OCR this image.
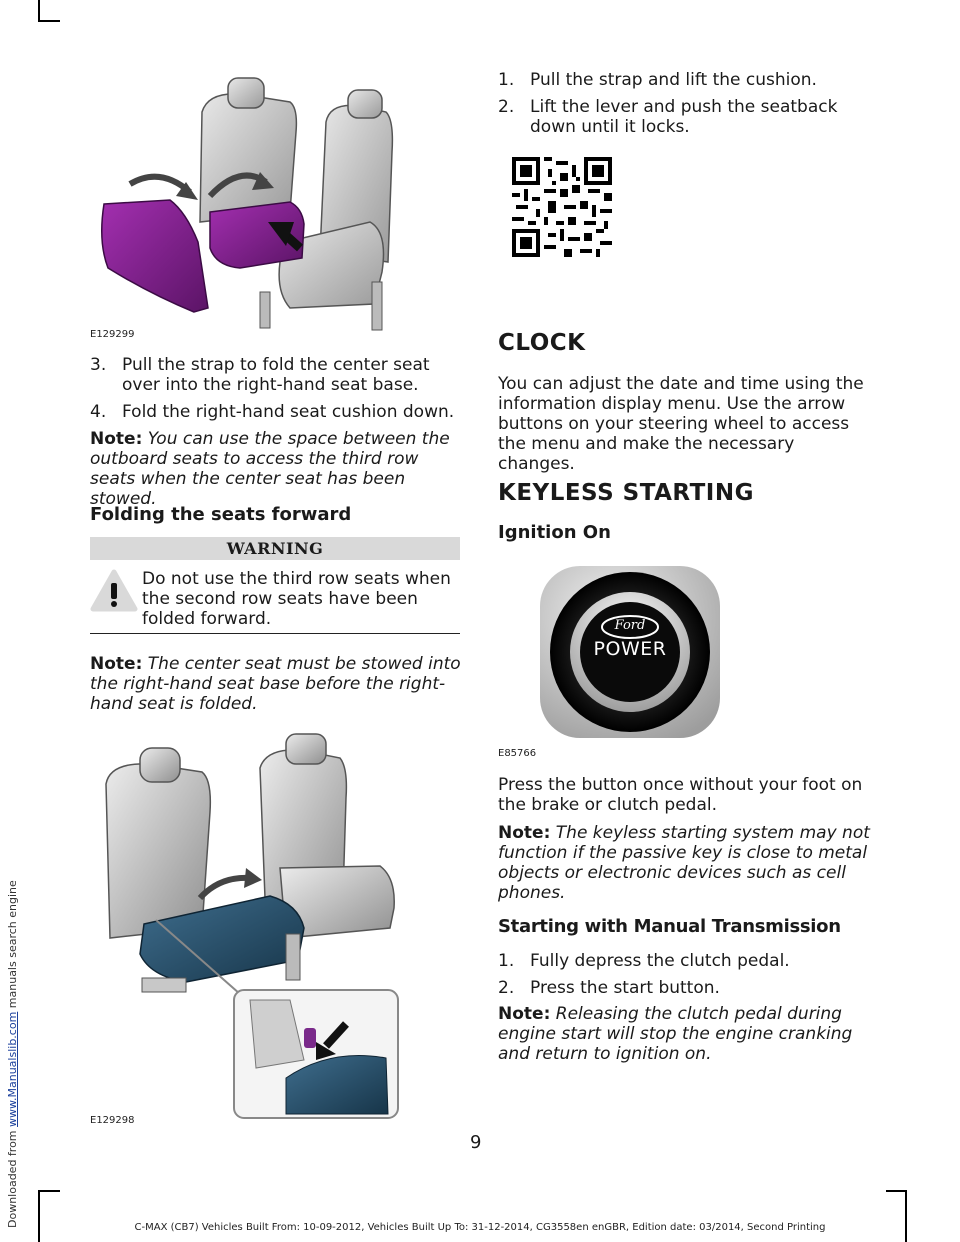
Downloaded from www.Manualslib.com manuals search engine
E129299
3. Pull the strap to fold the center seat over into the right-hand seat base.
4. Fold the right-hand seat cushion down.
Note: You can use the space between the outboard seats to access the third row seats when the center seat has been stowed.
Folding the seats forward
WARNING
Do not use the third row seats when the second row seats have been folded forward.
Note: The center seat must be stowed into the right-hand seat base before the right-hand seat is folded.
E129298
1. Pull the strap and lift the cushion.
2. Lift the lever and push the seatback down until it locks.
CLOCK
You can adjust the date and time using the information display menu. Use the arrow buttons on your steering wheel to access the menu and make the necessary changes.
KEYLESS STARTING
Ignition On
Ford
POWER
E85766
Press the button once without your foot on the brake or clutch pedal.
Note: The keyless starting system may not function if the passive key is close to metal objects or electronic devices such as cell phones.
Starting with Manual Transmission
1. Fully depress the clutch pedal.
2. Press the start button.
Note: Releasing the clutch pedal during engine start will stop the engine cranking and return to ignition on.
9
C-MAX (CB7) Vehicles Built From: 10-09-2012, Vehicles Built Up To: 31-12-2014, CG3558en enGBR, Edition date: 03/2014, Second Printing
